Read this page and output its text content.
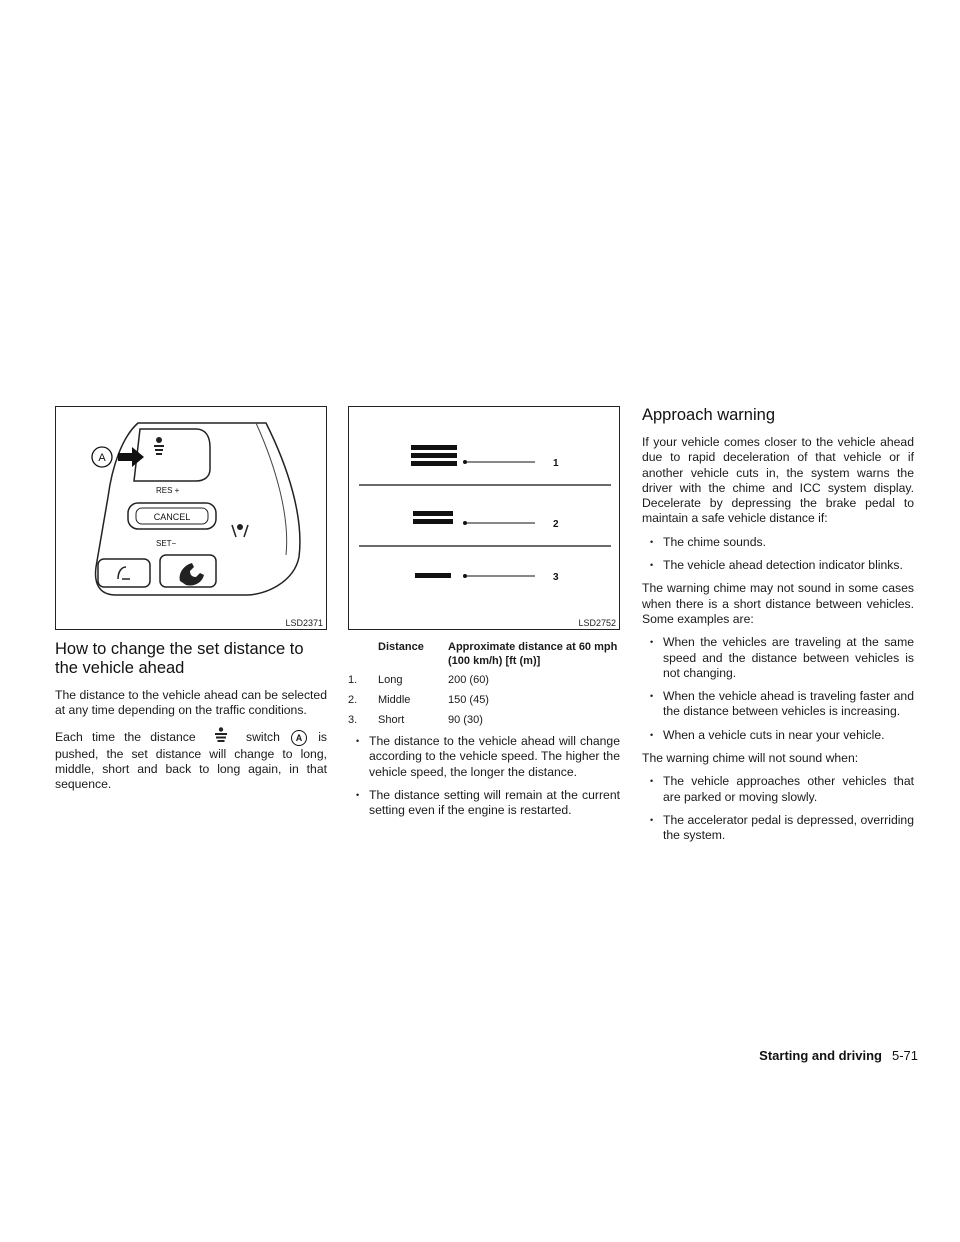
A
RES +
CANCEL
SET−
LSD2371
How to change the set distance to the vehicle ahead

The distance to the vehicle ahead can be selected at any time depending on the traffic conditions.

Each time the distance	switch A is pushed, the set distance will change to long, middle, short and back to long again, in that sequence.

1
2
3
LSD2752
	Distance	Approximate distance at 60 mph (100 km/h) [ft (m)]
1.	Long	200 (60)
2.	Middle	150 (45)
3.	Short	90 (30)
• The distance to the vehicle ahead will change according to the vehicle speed. The higher the vehicle speed, the longer the distance.
• The distance setting will remain at the current setting even if the engine is restarted.
Approach warning

If your vehicle comes closer to the vehicle ahead due to rapid deceleration of that vehicle or if another vehicle cuts in, the system warns the driver with the chime and ICC system display. Decelerate by depressing the brake pedal to maintain a safe vehicle distance if:

• The chime sounds.
• The vehicle ahead detection indicator blinks.

The warning chime may not sound in some cases when there is a short distance between vehicles. Some examples are:

• When the vehicles are traveling at the same speed and the distance between vehicles is not changing.
• When the vehicle ahead is traveling faster and the distance between vehicles is increasing.
• When a vehicle cuts in near your vehicle.

The warning chime will not sound when:

• The vehicle approaches other vehicles that are parked or moving slowly.
• The accelerator pedal is depressed, overriding the system.
Starting and driving 5-71
